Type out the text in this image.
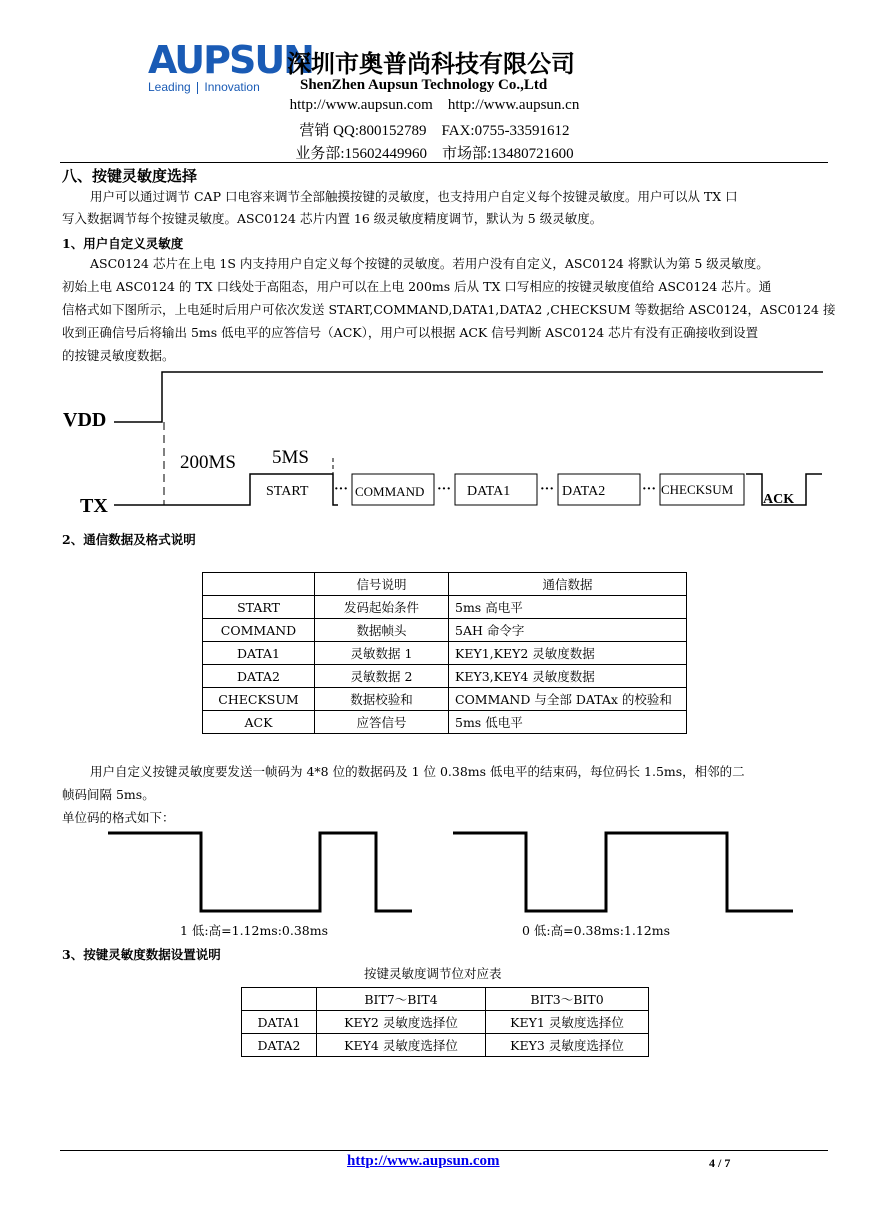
AUPSUN
Leading Innovation
深圳市奥普尚科技有限公司
ShenZhen Aupsun Technology Co.,Ltd
http://www.aupsun.com    http://www.aupsun.cn
营销 QQ:800152789    FAX:0755-33591612
业务部:15602449960    市场部:13480721600
八、按键灵敏度选择
用户可以通过调节 CAP 口电容来调节全部触摸按键的灵敏度，也支持用户自定义每个按键灵敏度。用户可以从 TX 口
写入数据调节每个按键灵敏度。ASC0124 芯片内置 16 级灵敏度精度调节，默认为 5 级灵敏度。
1、用户自定义灵敏度
ASC0124 芯片在上电 1S 内支持用户自定义每个按键的灵敏度。若用户没有自定义，ASC0124 将默认为第 5 级灵敏度。
初始上电 ASC0124 的 TX 口线处于高阻态，用户可以在上电 200ms 后从 TX 口写相应的按键灵敏度值给 ASC0124 芯片。通
信格式如下图所示，上电延时后用户可依次发送 START,COMMAND,DATA1,DATA2 ,CHECKSUM 等数据给 ASC0124，ASC0124 接
收到正确信号后将输出 5ms 低电平的应答信号（ACK），用户可以根据 ACK 信号判断 ASC0124 芯片有没有正确接收到设置
的按键灵敏度数据。
VDD
TX
200MS 5MS
START	COMMAND	DATA1	DATA2	CHECKSUM
ACK
···	···	···	···
2、通信数据及格式说明
	信号说明	通信数据
START	发码起始条件	5ms 高电平
COMMAND	数据帧头	5AH 命令字
DATA1	灵敏数据 1	KEY1,KEY2 灵敏度数据
DATA2	灵敏数据 2	KEY3,KEY4 灵敏度数据
CHECKSUM	数据校验和	COMMAND 与全部 DATAx 的校验和
ACK	应答信号	5ms 低电平
用户自定义按键灵敏度要发送一帧码为 4*8 位的数据码及 1 位 0.38ms 低电平的结束码，每位码长 1.5ms，相邻的二
帧码间隔 5ms。
单位码的格式如下：
1 低:高=1.12ms:0.38ms	0 低:高=0.38ms:1.12ms
3、按键灵敏度数据设置说明
按键灵敏度调节位对应表
	BIT7～BIT4	BIT3～BIT0
DATA1	KEY2 灵敏度选择位	KEY1 灵敏度选择位
DATA2	KEY4 灵敏度选择位	KEY3 灵敏度选择位
http://www.aupsun.com	4 / 7
